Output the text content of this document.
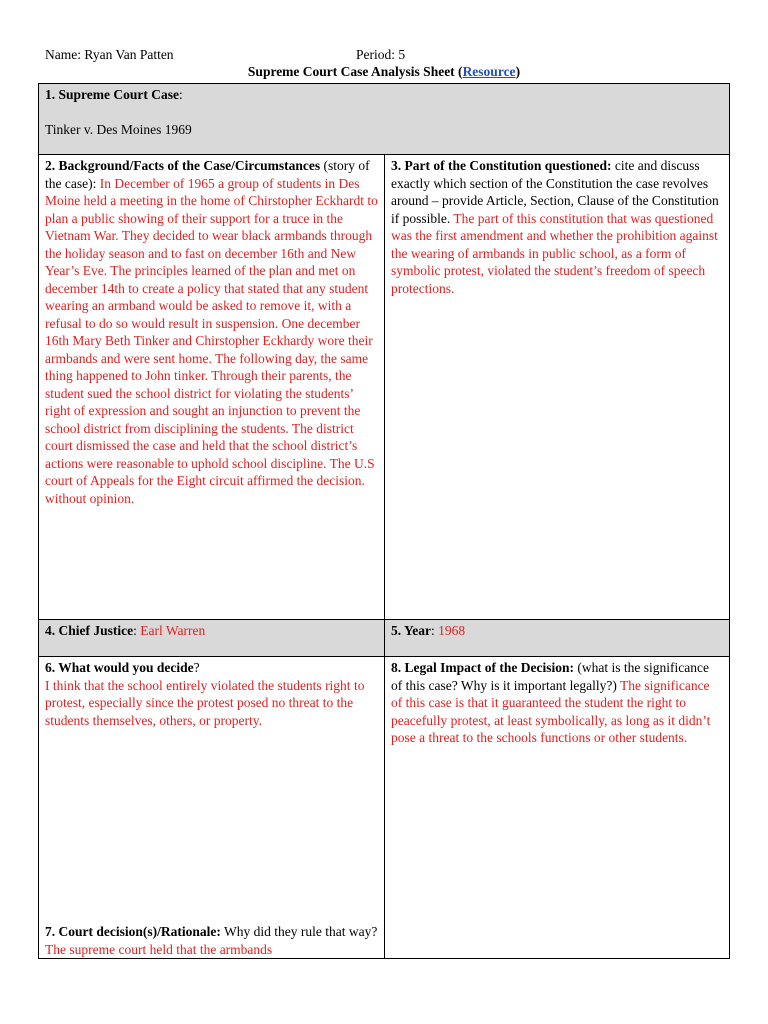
Name: Ryan Van Patten	Period: 5
Supreme Court Case Analysis Sheet (Resource)
1. Supreme Court Case:
Tinker v. Des Moines 1969
2. Background/Facts of the Case/Circumstances (story of the case): In December of 1965 a group of students in Des Moine held a meeting in the home of Chirstopher Eckhardt to plan a public showing of their support for a truce in the Vietnam War. They decided to wear black armbands through the holiday season and to fast on december 16th and New Year’s Eve. The principles learned of the plan and met on december 14th to create a policy that stated that any student wearing an armband would be asked to remove it, with a refusal to do so would result in suspension. One december 16th Mary Beth Tinker and Chirstopher Eckhardy wore their armbands and were sent home. The following day, the same thing happened to John tinker. Through their parents, the student sued the school district for violating the students’ right of expression and sought an injunction to prevent the school district from disciplining the students. The district court dismissed the case and held that the school district’s actions were reasonable to uphold school discipline. The U.S court of Appeals for the Eight circuit affirmed the decision. without opinion.
3. Part of the Constitution questioned: cite and discuss exactly which section of the Constitution the case revolves around – provide Article, Section, Clause of the Constitution if possible. The part of this constitution that was questioned was the first amendment and whether the prohibition against the wearing of armbands in public school, as a form of symbolic protest, violated the student’s freedom of speech protections.
4. Chief Justice: Earl Warren	5. Year: 1968
6. What would you decide?
I think that the school entirely violated the students right to protest, especially since the protest posed no threat to the students themselves, others, or property.
7. Court decision(s)/Rationale: Why did they rule that way? The supreme court held that the armbands
8. Legal Impact of the Decision: (what is the significance of this case? Why is it important legally?) The significance of this case is that it guaranteed the student the right to peacefully protest, at least symbolically, as long as it didn’t pose a threat to the schools functions or other students.
